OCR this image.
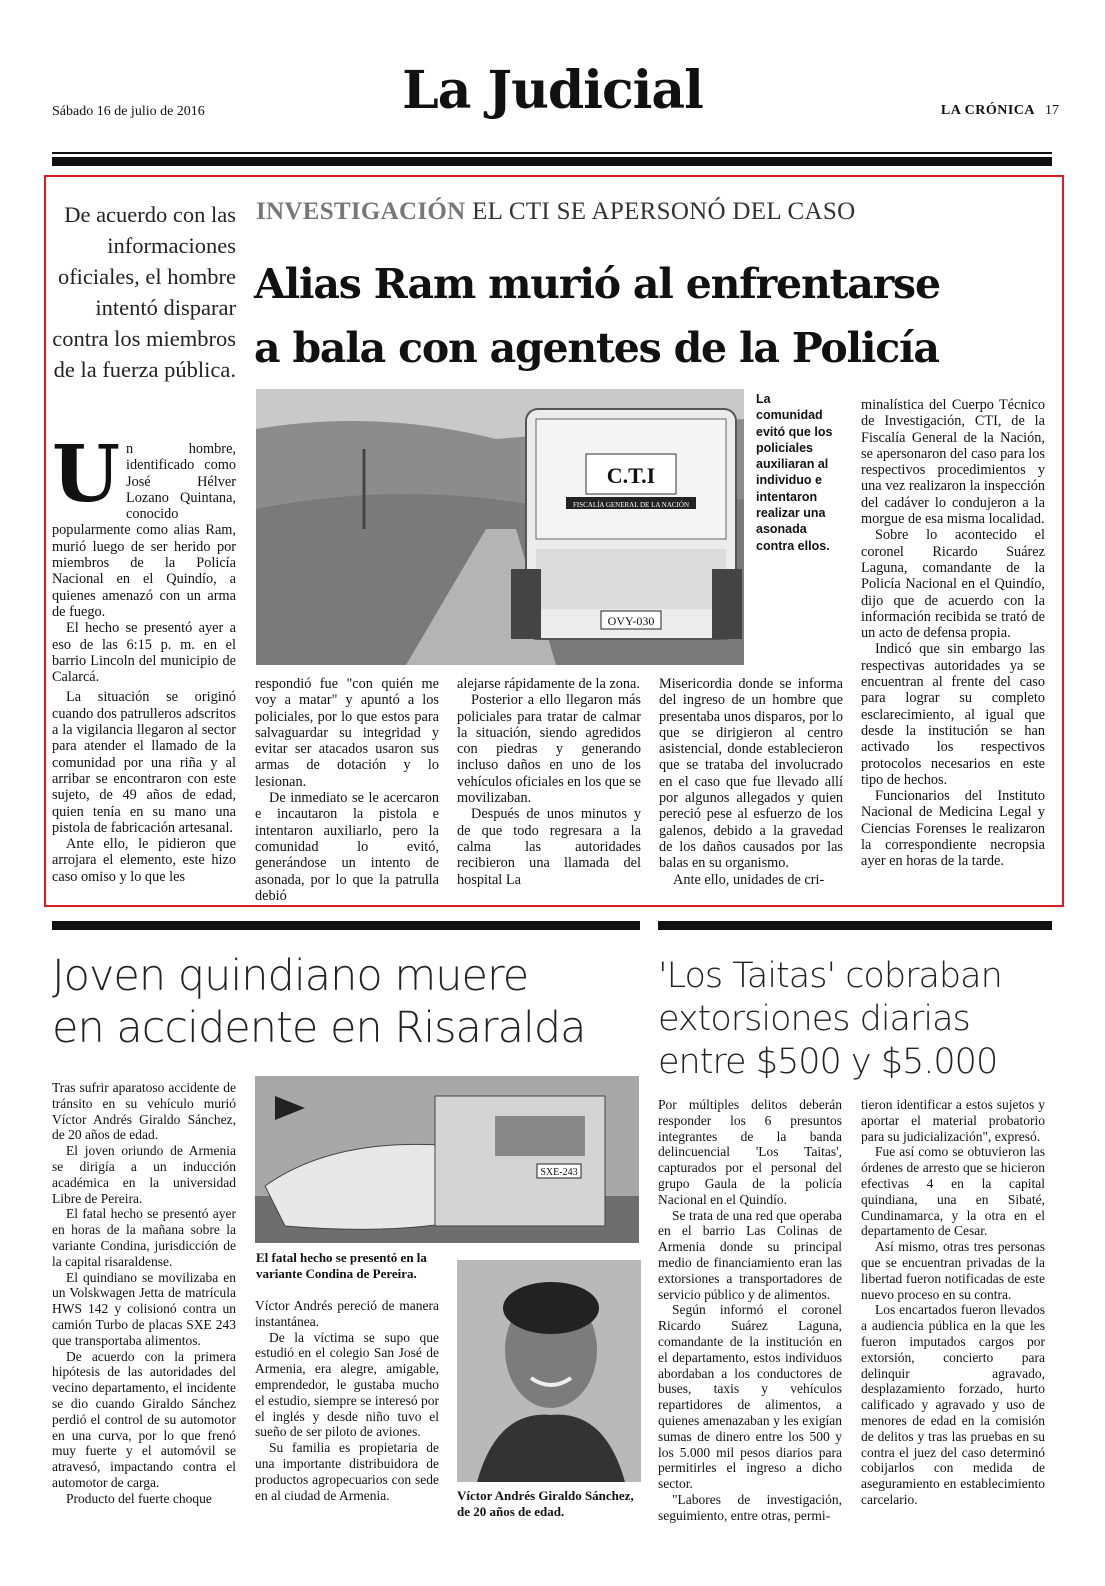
Sábado 16 de julio de 2016	La Judicial	LA CRÓNICA 17
De acuerdo con las informaciones oficiales, el hombre intentó disparar contra los miembros de la fuerza pública.
INVESTIGACIÓN EL CTI SE APERSONÓ DEL CASO
Alias Ram murió al enfrentarse
a bala con agentes de la Policía
C.T.I
FISCALÍA GENERAL DE LA NACIÓN
OVY-030
La comunidad evitó que los policiales auxiliaran al individuo e intentaron realizar una asonada contra ellos.
U n hombre, identificado como José Hélver Lozano Quintana, conocido popularmente como alias Ram, murió luego de ser herido por miembros de la Policía Nacional en el Quindío, a quienes amenazó con un arma de fuego.

El hecho se presentó ayer a eso de las 6:15 p. m. en el barrio Lincoln del municipio de Calarcá.

La situación se originó cuando dos patrulleros adscritos a la vigilancia llegaron al sector para atender el llamado de la comunidad por una riña y al arribar se encontraron con este sujeto, de 49 años de edad, quien tenía en su mano una pistola de fabricación artesanal.

Ante ello, le pidieron que arrojara el elemento, este hizo caso omiso y lo que les

respondió fue "con quién me voy a matar" y apuntó a los policiales, por lo que estos para salvaguardar su integridad y evitar ser atacados usaron sus armas de dotación y lo lesionan.

De inmediato se le acercaron e incautaron la pistola e intentaron auxiliarlo, pero la comunidad lo evitó, generándose un intento de asonada, por lo que la patrulla debió

alejarse rápidamente de la zona.

Posterior a ello llegaron más policiales para tratar de calmar la situación, siendo agredidos con piedras y generando incluso daños en uno de los vehículos oficiales en los que se movilizaban.

Después de unos minutos y de que todo regresara a la calma las autoridades recibieron una llamada del hospital La

Misericordia donde se informa del ingreso de un hombre que presentaba unos disparos, por lo que se dirigieron al centro asistencial, donde establecieron que se trataba del involucrado en el caso que fue llevado allí por algunos allegados y quien pereció pese al esfuerzo de los galenos, debido a la gravedad de los daños causados por las balas en su organismo.

Ante ello, unidades de cri-

minalística del Cuerpo Técnico de Investigación, CTI, de la Fiscalía General de la Nación, se apersonaron del caso para los respectivos procedimientos y una vez realizaron la inspección del cadáver lo condujeron a la morgue de esa misma localidad.

Sobre lo acontecido el coronel Ricardo Suárez Laguna, comandante de la Policía Nacional en el Quindío, dijo que de acuerdo con la información recibida se trató de un acto de defensa propia.

Indicó que sin embargo las respectivas autoridades ya se encuentran al frente del caso para lograr su completo esclarecimiento, al igual que desde la institución se han activado los respectivos protocolos necesarios en este tipo de hechos.

Funcionarios del Instituto Nacional de Medicina Legal y Ciencias Forenses le realizaron la correspondiente necropsia ayer en horas de la tarde.

Joven quindiano muere
en accidente en Risaralda

Tras sufrir aparatoso accidente de tránsito en su vehículo murió Víctor Andrés Giraldo Sánchez, de 20 años de edad.

El joven oriundo de Armenia se dirigía a un inducción académica en la universidad Libre de Pereira.

El fatal hecho se presentó ayer en horas de la mañana sobre la variante Condina, jurisdicción de la capital risaraldense.

El quindiano se movilizaba en un Volskwagen Jetta de matrícula HWS 142 y colisionó contra un camión Turbo de placas SXE 243 que transportaba alimentos.

De acuerdo con la primera hipótesis de las autoridades del vecino departamento, el incidente se dio cuando Giraldo Sánchez perdió el control de su automotor en una curva, por lo que frenó muy fuerte y el automóvil se atravesó, impactando contra el automotor de carga.

Producto del fuerte choque

SXE-243
El fatal hecho se presentó en la variante Condina de Pereira.

Víctor Andrés pereció de manera instantánea.

De la víctima se supo que estudió en el colegio San José de Armenia, era alegre, amigable, emprendedor, le gustaba mucho el estudio, siempre se interesó por el inglés y desde niño tuvo el sueño de ser piloto de aviones.

Su familia es propietaria de una importante distribuidora de productos agropecuarios con sede en al ciudad de Armenia.	Víctor Andrés Giraldo Sánchez, de 20 años de edad.
'Los Taitas' cobraban
extorsiones diarias
entre $500 y $5.000

Por múltiples delitos deberán responder los 6 presuntos integrantes de la banda delincuencial 'Los Taitas', capturados por el personal del grupo Gaula de la policía Nacional en el Quindío.

Se trata de una red que operaba en el barrio Las Colinas de Armenia donde su principal medio de financiamiento eran las extorsiones a transportadores de servicio público y de alimentos.

Según informó el coronel Ricardo Suárez Laguna, comandante de la institución en el departamento, estos individuos abordaban a los conductores de buses, taxis y vehículos repartidores de alimentos, a quienes amenazaban y les exigían sumas de dinero entre los 500 y los 5.000 mil pesos diarios para permitirles el ingreso a dicho sector.

"Labores de investigación, seguimiento, entre otras, permi-

tieron identificar a estos sujetos y aportar el material probatorio para su judicialización", expresó.

Fue así como se obtuvieron las órdenes de arresto que se hicieron efectivas 4 en la capital quindiana, una en Sibaté, Cundinamarca, y la otra en el departamento de Cesar.

Así mismo, otras tres personas que se encuentran privadas de la libertad fueron notificadas de este nuevo proceso en su contra.

Los encartados fueron llevados a audiencia pública en la que les fueron imputados cargos por extorsión, concierto para delinquir agravado, desplazamiento forzado, hurto calificado y agravado y uso de menores de edad en la comisión de delitos y tras las pruebas en su contra el juez del caso determinó cobijarlos con medida de aseguramiento en establecimiento carcelario.
